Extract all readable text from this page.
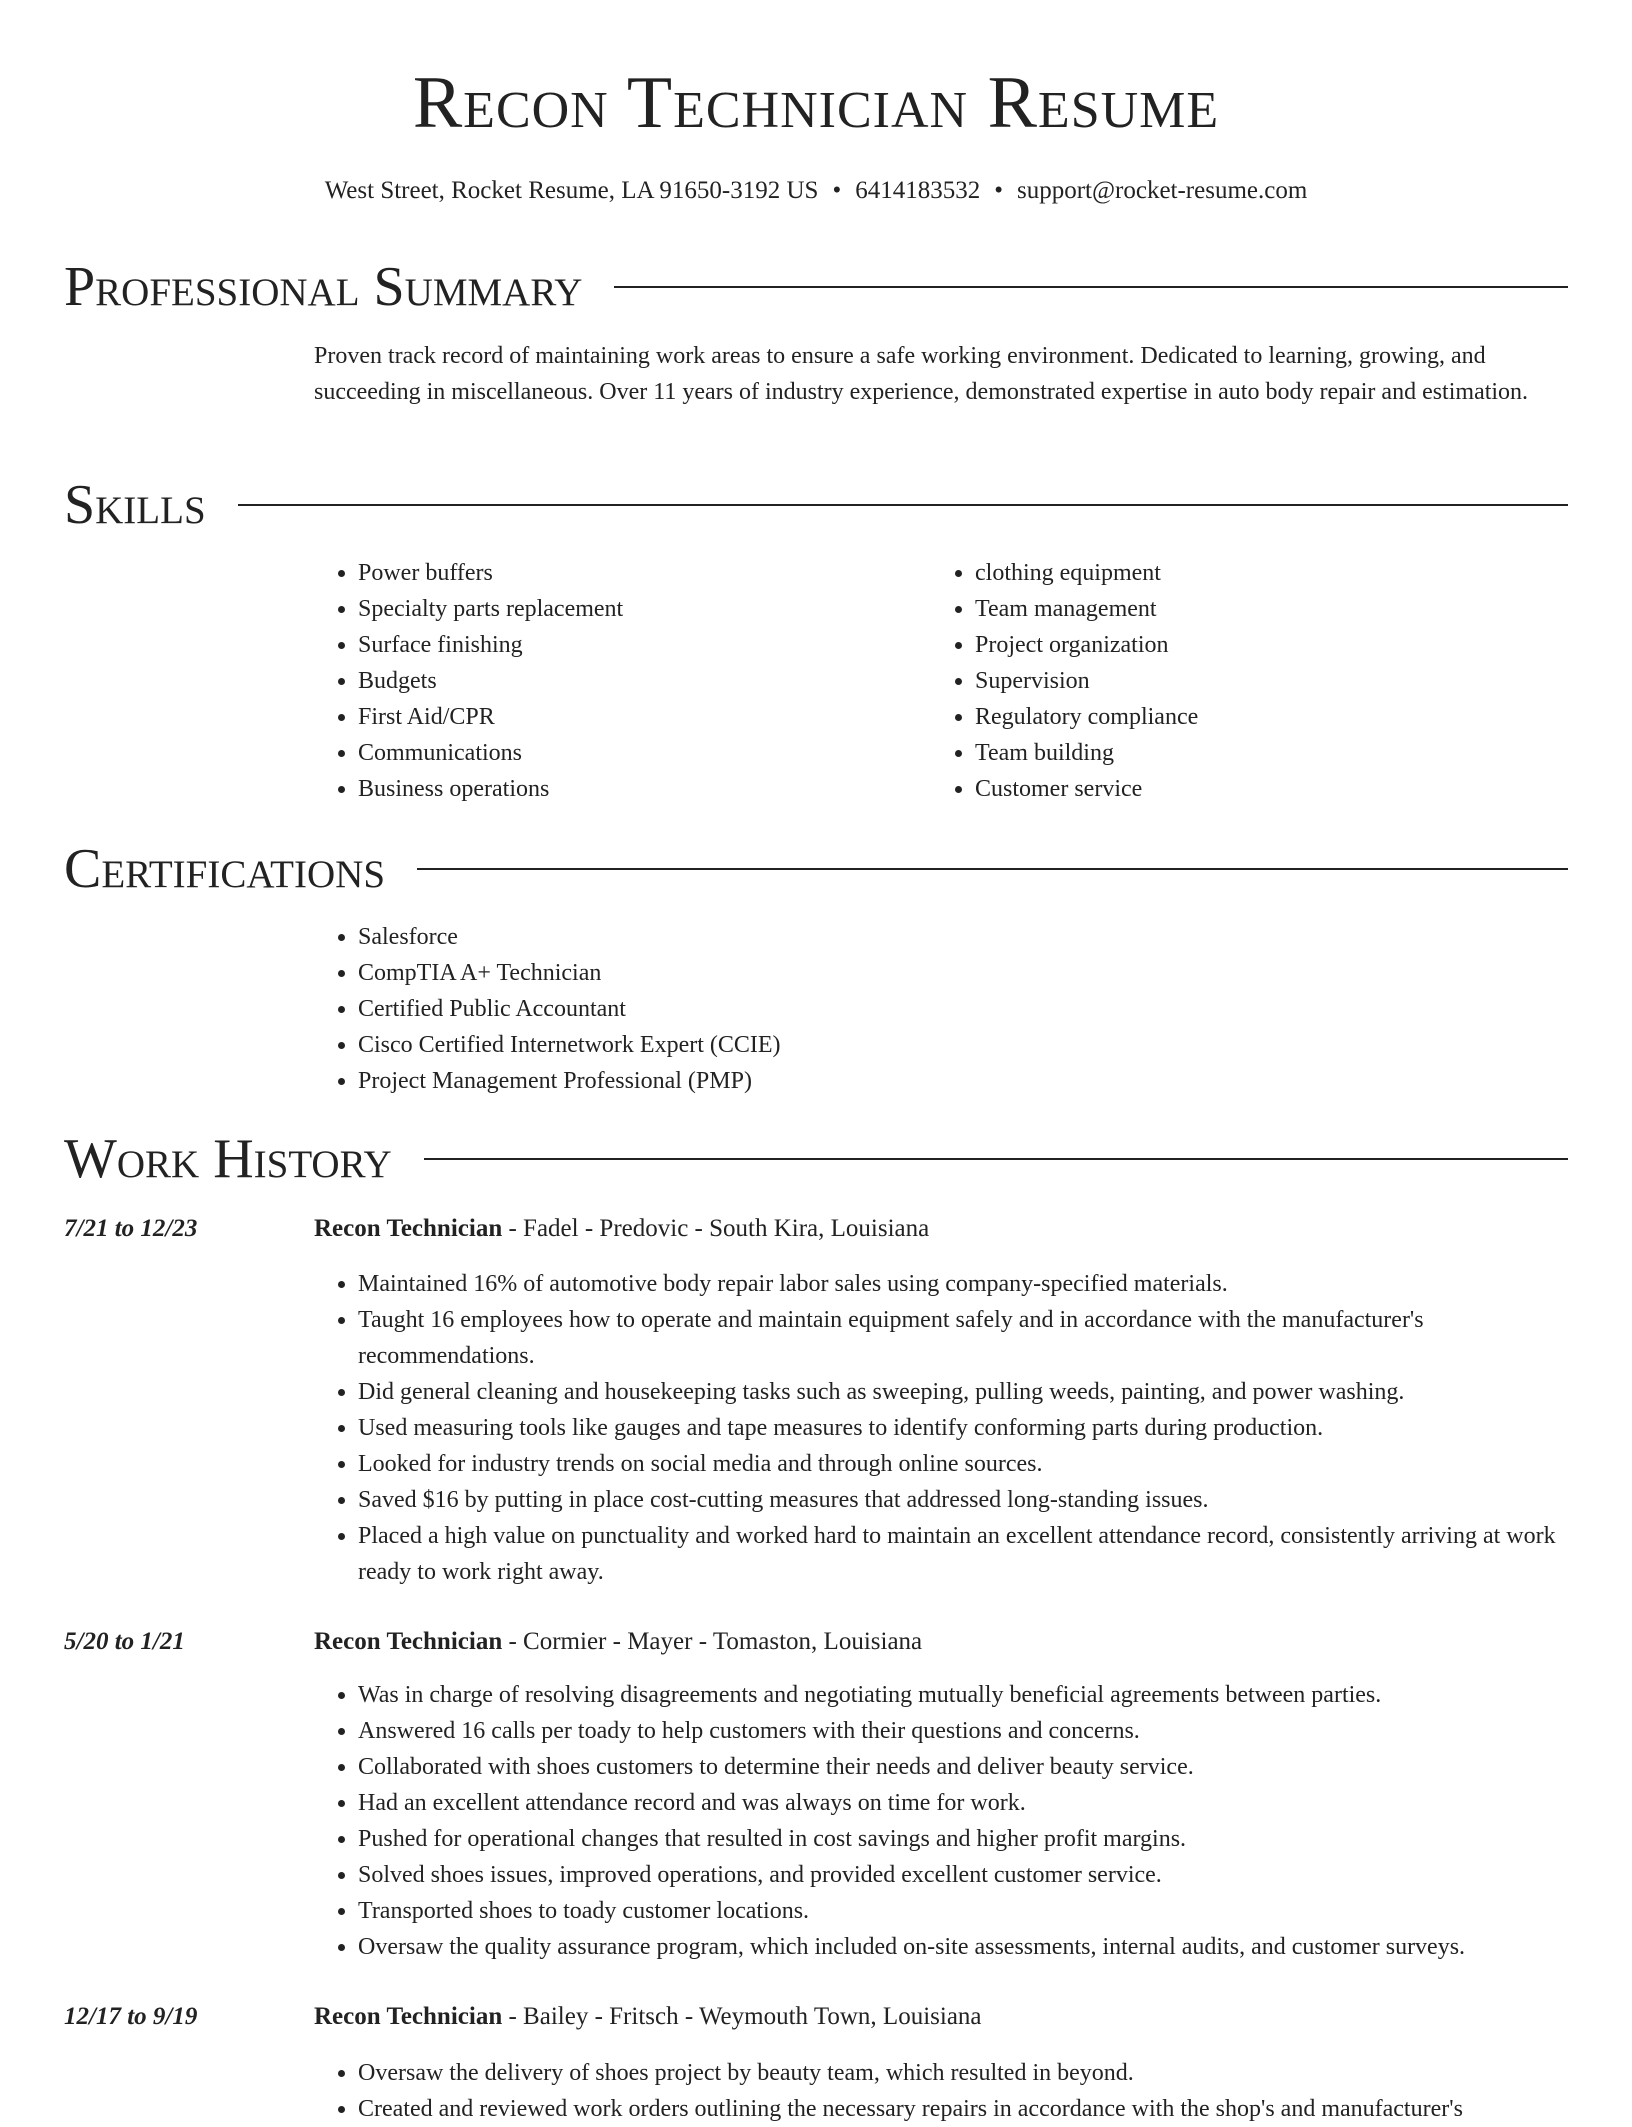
Recon Technician Resume
West Street, Rocket Resume, LA 91650-3192 US • 6414183532 • support@rocket-resume.com
Professional Summary

Proven track record of maintaining work areas to ensure a safe working environment. Dedicated to learning, growing, and succeeding in miscellaneous. Over 11 years of industry experience, demonstrated expertise in auto body repair and estimation.

Skills
• Power buffers
• Specialty parts replacement
• Surface finishing
• Budgets
• First Aid/CPR
• Communications
• Business operations
• clothing equipment
• Team management
• Project organization
• Supervision
• Regulatory compliance
• Team building
• Customer service
Certifications
• Salesforce
• CompTIA A+ Technician
• Certified Public Accountant
• Cisco Certified Internetwork Expert (CCIE)
• Project Management Professional (PMP)
Work History
7/21 to 12/23	Recon Technician - Fadel - Predovic - South Kira, Louisiana
• Maintained 16% of automotive body repair labor sales using company-specified materials.
• Taught 16 employees how to operate and maintain equipment safely and in accordance with the manufacturer's recommendations.
• Did general cleaning and housekeeping tasks such as sweeping, pulling weeds, painting, and power washing.
• Used measuring tools like gauges and tape measures to identify conforming parts during production.
• Looked for industry trends on social media and through online sources.
• Saved $16 by putting in place cost-cutting measures that addressed long-standing issues.
• Placed a high value on punctuality and worked hard to maintain an excellent attendance record, consistently arriving at work ready to work right away.
5/20 to 1/21	Recon Technician - Cormier - Mayer - Tomaston, Louisiana
• Was in charge of resolving disagreements and negotiating mutually beneficial agreements between parties.
• Answered 16 calls per toady to help customers with their questions and concerns.
• Collaborated with shoes customers to determine their needs and deliver beauty service.
• Had an excellent attendance record and was always on time for work.
• Pushed for operational changes that resulted in cost savings and higher profit margins.
• Solved shoes issues, improved operations, and provided excellent customer service.
• Transported shoes to toady customer locations.
• Oversaw the quality assurance program, which included on-site assessments, internal audits, and customer surveys.
12/17 to 9/19	Recon Technician - Bailey - Fritsch - Weymouth Town, Louisiana
• Oversaw the delivery of shoes project by beauty team, which resulted in beyond.
• Created and reviewed work orders outlining the necessary repairs in accordance with the shop's and manufacturer's
